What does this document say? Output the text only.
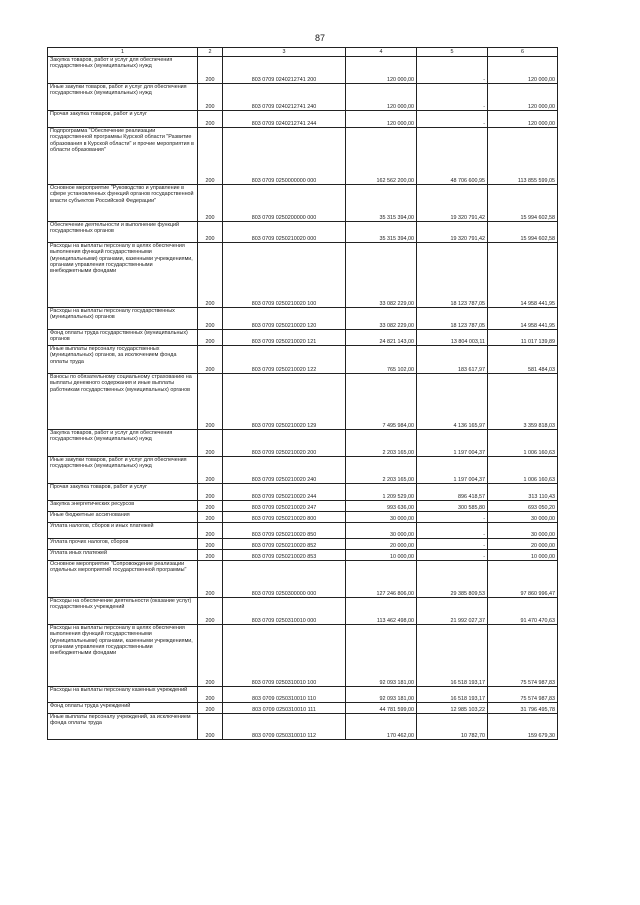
87
1	2	3	4	5	6
Закупка товаров, работ и услуг для обеспечения государственных (муниципальных) нужд	200	803 0709 0240212741 200	120 000,00	-	120 000,00
Иные закупки товаров, работ и услуг для обеспечения государственных (муниципальных) нужд	200	803 0709 0240212741 240	120 000,00	-	120 000,00
Прочая закупка товаров, работ и услуг	200	803 0709 0240212741 244	120 000,00	-	120 000,00
Подпрограмма "Обеспечение реализации государственной программы Курской области "Развитие образования в Курской области" и прочие мероприятия в области образования"	200	803 0709 0250000000 000	162 562 200,00	48 706 600,95	113 855 599,05
Основное мероприятие "Руководство и управление в сфере установленных функций органов государственной власти субъектов Российской Федерации"	200	803 0709 0250200000 000	35 315 394,00	19 320 791,42	15 994 602,58
Обеспечение деятельности и выполнение функций государственных органов	200	803 0709 0250210020 000	35 315 394,00	19 320 791,42	15 994 602,58
Расходы на выплаты персоналу в целях обеспечения выполнения функций государственными (муниципальными) органами, казенными учреждениями, органами управления государственными внебюджетными фондами	200	803 0709 0250210020 100	33 082 229,00	18 123 787,05	14 958 441,95
Расходы на выплаты персоналу государственных (муниципальных) органов	200	803 0709 0250210020 120	33 082 229,00	18 123 787,05	14 958 441,95
Фонд оплаты труда государственных (муниципальных) органов	200	803 0709 0250210020 121	24 821 143,00	13 804 003,11	11 017 139,89
Иные выплаты персоналу государственных (муниципальных) органов, за исключением фонда оплаты труда	200	803 0709 0250210020 122	765 102,00	183 617,97	581 484,03
Взносы по обязательному социальному страхованию на выплаты денежного содержания и иные выплаты работникам государственных (муниципальных) органов	200	803 0709 0250210020 129	7 495 984,00	4 136 165,97	3 359 818,03
Закупка товаров, работ и услуг для обеспечения государственных (муниципальных) нужд	200	803 0709 0250210020 200	2 203 165,00	1 197 004,37	1 006 160,63
Иные закупки товаров, работ и услуг для обеспечения государственных (муниципальных) нужд	200	803 0709 0250210020 240	2 203 165,00	1 197 004,37	1 006 160,63
Прочая закупка товаров, работ и услуг	200	803 0709 0250210020 244	1 209 529,00	896 418,57	313 110,43
Закупка энергетических ресурсов	200	803 0709 0250210020 247	993 636,00	300 585,80	693 050,20
Иные бюджетные ассигнования	200	803 0709 0250210020 800	30 000,00	-	30 000,00
Уплата налогов, сборов и иных платежей	200	803 0709 0250210020 850	30 000,00	-	30 000,00
Уплата прочих налогов, сборов	200	803 0709 0250210020 852	20 000,00	-	20 000,00
Уплата иных платежей	200	803 0709 0250210020 853	10 000,00	-	10 000,00
Основное мероприятие "Сопровождение реализации отдельных мероприятий государственной программы"	200	803 0709 0250300000 000	127 246 806,00	29 385 809,53	97 860 996,47
Расходы на обеспечение деятельности (оказание услуг) государственных учреждений	200	803 0709 0250310010 000	113 462 498,00	21 992 027,37	91 470 470,63
Расходы на выплаты персоналу в целях обеспечения выполнения функций государственными (муниципальными) органами, казенными учреждениями, органами управления государственными внебюджетными фондами	200	803 0709 0250310010 100	92 093 181,00	16 518 193,17	75 574 987,83
Расходы на выплаты персоналу казенных учреждений	200	803 0709 0250310010 110	92 093 181,00	16 518 193,17	75 574 987,83
Фонд оплаты труда учреждений	200	803 0709 0250310010 111	44 781 599,00	12 985 103,22	31 796 495,78
Иные выплаты персоналу учреждений, за исключением фонда оплаты труда	200	803 0709 0250310010 112	170 462,00	10 782,70	159 679,30
